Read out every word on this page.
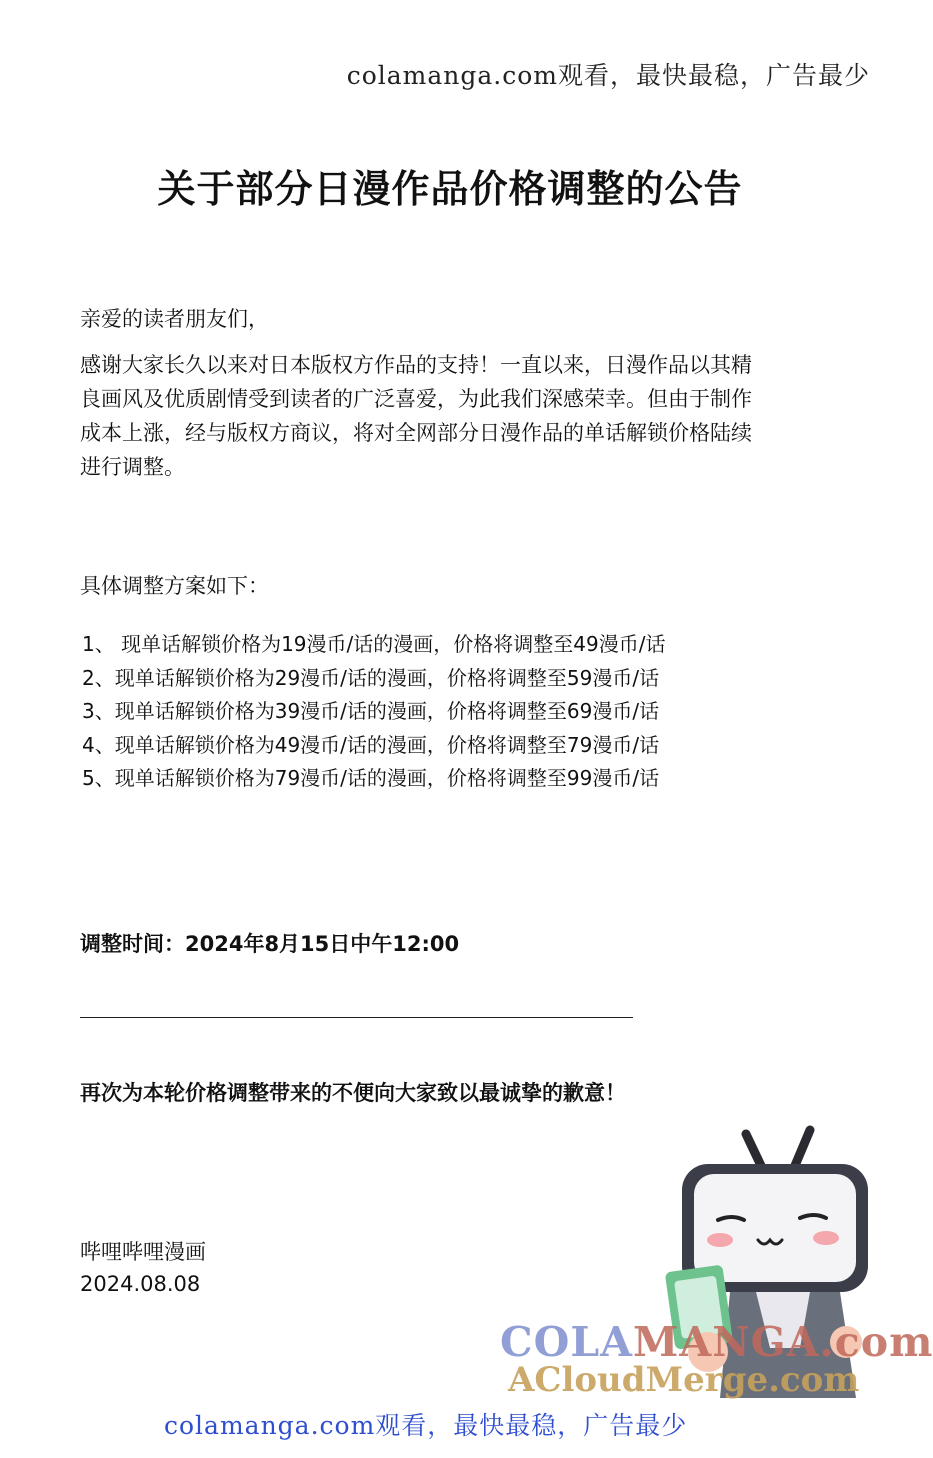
colamanga.com观看，最快最稳，广告最少
关于部分日漫作品价格调整的公告
亲爱的读者朋友们，
感谢大家长久以来对日本版权方作品的支持！一直以来，日漫作品以其精
良画风及优质剧情受到读者的广泛喜爱，为此我们深感荣幸。但由于制作
成本上涨，经与版权方商议，将对全网部分日漫作品的单话解锁价格陆续
进行调整。
具体调整方案如下：
1、 现单话解锁价格为19漫币/话的漫画，价格将调整至49漫币/话
2、现单话解锁价格为29漫币/话的漫画，价格将调整至59漫币/话
3、现单话解锁价格为39漫币/话的漫画，价格将调整至69漫币/话
4、现单话解锁价格为49漫币/话的漫画，价格将调整至79漫币/话
5、现单话解锁价格为79漫币/话的漫画，价格将调整至99漫币/话
调整时间：2024年8月15日中午12:00
再次为本轮价格调整带来的不便向大家致以最诚挚的歉意！
哔哩哔哩漫画
2024.08.08
COLAMANGA.com
ACloudMerge.com
colamanga.com观看，最快最稳，广告最少
